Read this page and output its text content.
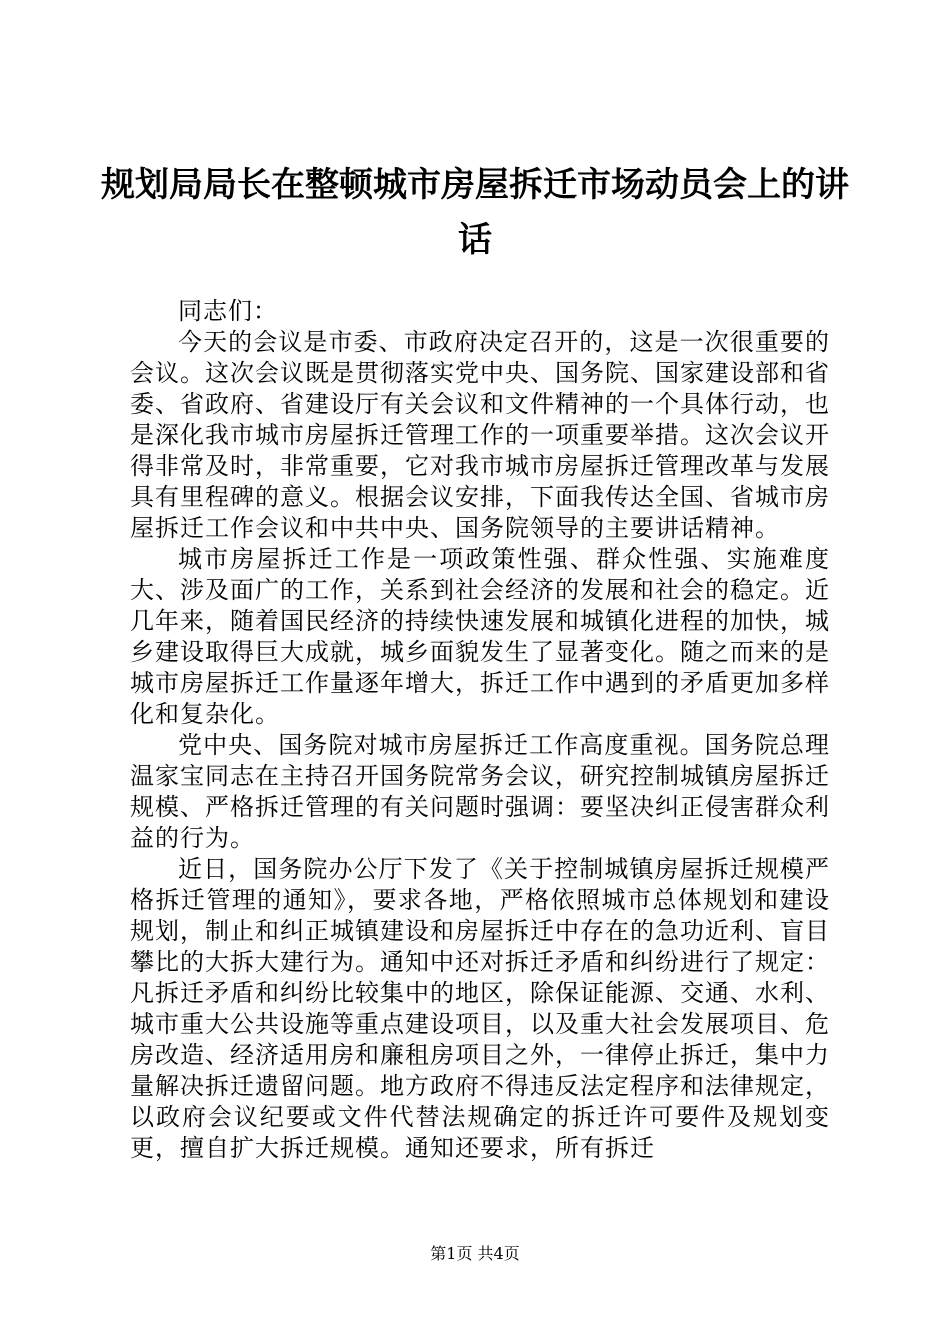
规划局局长在整顿城市房屋拆迁市场动员会上的讲话

同志们：

今天的会议是市委、市政府决定召开的，这是一次很重要的会议。这次会议既是贯彻落实党中央、国务院、国家建设部和省委、省政府、省建设厅有关会议和文件精神的一个具体行动，也是深化我市城市房屋拆迁管理工作的一项重要举措。这次会议开得非常及时，非常重要，它对我市城市房屋拆迁管理改革与发展具有里程碑的意义。根据会议安排，下面我传达全国、省城市房屋拆迁工作会议和中共中央、国务院领导的主要讲话精神。

城市房屋拆迁工作是一项政策性强、群众性强、实施难度大、涉及面广的工作，关系到社会经济的发展和社会的稳定。近几年来，随着国民经济的持续快速发展和城镇化进程的加快，城乡建设取得巨大成就，城乡面貌发生了显著变化。随之而来的是城市房屋拆迁工作量逐年增大，拆迁工作中遇到的矛盾更加多样化和复杂化。

党中央、国务院对城市房屋拆迁工作高度重视。国务院总理温家宝同志在主持召开国务院常务会议，研究控制城镇房屋拆迁规模、严格拆迁管理的有关问题时强调：要坚决纠正侵害群众利益的行为。

近日，国务院办公厅下发了《关于控制城镇房屋拆迁规模严格拆迁管理的通知》，要求各地，严格依照城市总体规划和建设规划，制止和纠正城镇建设和房屋拆迁中存在的急功近利、盲目攀比的大拆大建行为。通知中还对拆迁矛盾和纠纷进行了规定：凡拆迁矛盾和纠纷比较集中的地区，除保证能源、交通、水利、城市重大公共设施等重点建设项目，以及重大社会发展项目、危房改造、经济适用房和廉租房项目之外，一律停止拆迁，集中力量解决拆迁遗留问题。地方政府不得违反法定程序和法律规定，以政府会议纪要或文件代替法规确定的拆迁许可要件及规划变更，擅自扩大拆迁规模。通知还要求，所有拆迁

第1页 共4页
